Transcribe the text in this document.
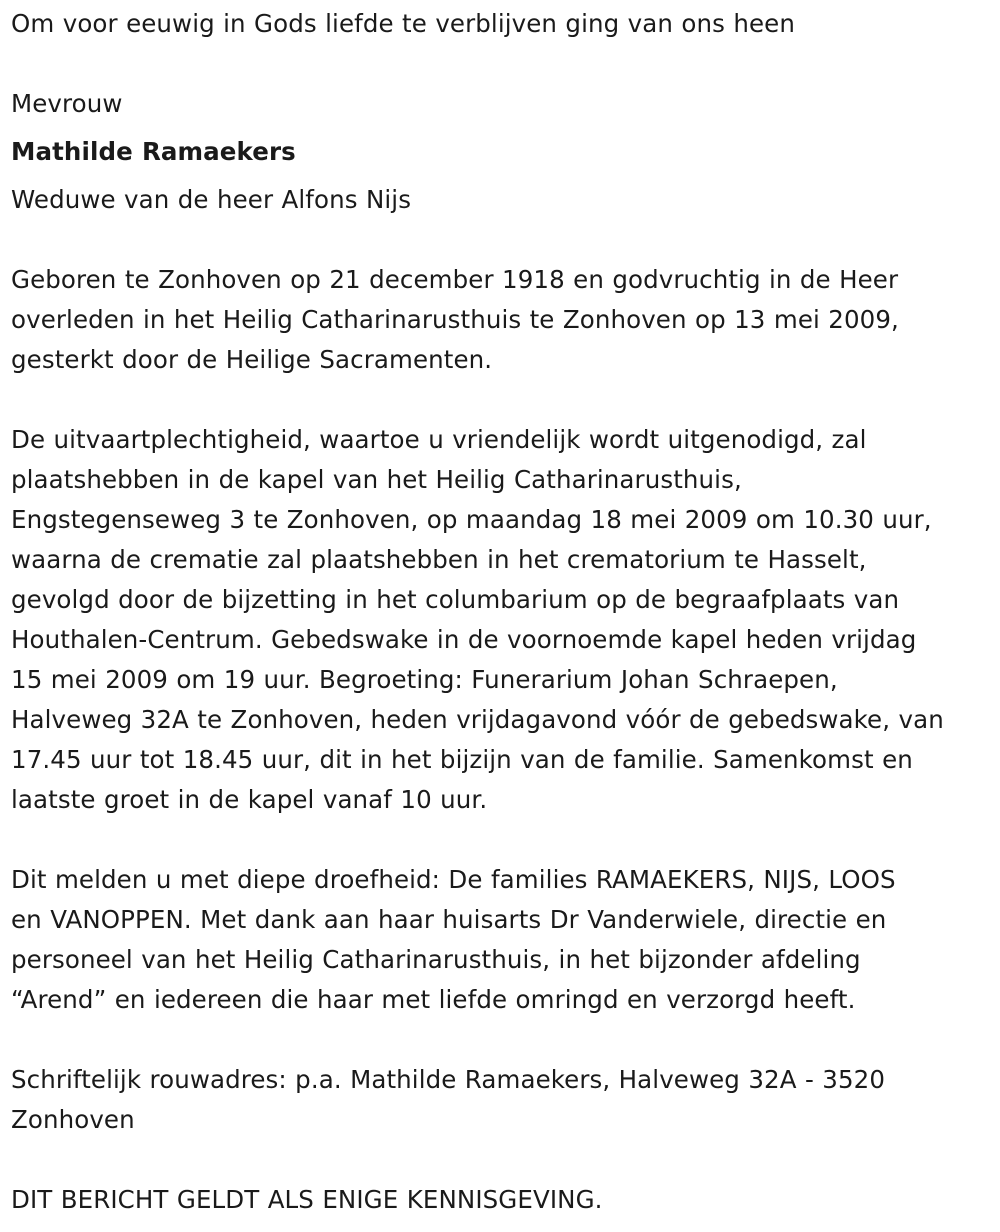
Om voor eeuwig in Gods liefde te verblijven ging van ons heen

Mevrouw

Mathilde Ramaekers

Weduwe van de heer Alfons Nijs

Geboren te Zonhoven op 21 december 1918 en godvruchtig in de Heer

overleden in het Heilig Catharinarusthuis te Zonhoven op 13 mei 2009,

gesterkt door de Heilige Sacramenten.

De uitvaartplechtigheid, waartoe u vriendelijk wordt uitgenodigd, zal

plaatshebben in de kapel van het Heilig Catharinarusthuis,

Engstegenseweg 3 te Zonhoven, op maandag 18 mei 2009 om 10.30 uur,

waarna de crematie zal plaatshebben in het crematorium te Hasselt,

gevolgd door de bijzetting in het columbarium op de begraafplaats van

Houthalen-Centrum. Gebedswake in de voornoemde kapel heden vrijdag

15 mei 2009 om 19 uur. Begroeting: Funerarium Johan Schraepen,

Halveweg 32A te Zonhoven, heden vrijdagavond vóór de gebedswake, van

17.45 uur tot 18.45 uur, dit in het bijzijn van de familie. Samenkomst en

laatste groet in de kapel vanaf 10 uur.

Dit melden u met diepe droefheid: De families RAMAEKERS, NIJS, LOOS

en VANOPPEN. Met dank aan haar huisarts Dr Vanderwiele, directie en

personeel van het Heilig Catharinarusthuis, in het bijzonder afdeling

“Arend” en iedereen die haar met liefde omringd en verzorgd heeft.

Schriftelijk rouwadres: p.a. Mathilde Ramaekers, Halveweg 32A - 3520

Zonhoven

DIT BERICHT GELDT ALS ENIGE KENNISGEVING.
